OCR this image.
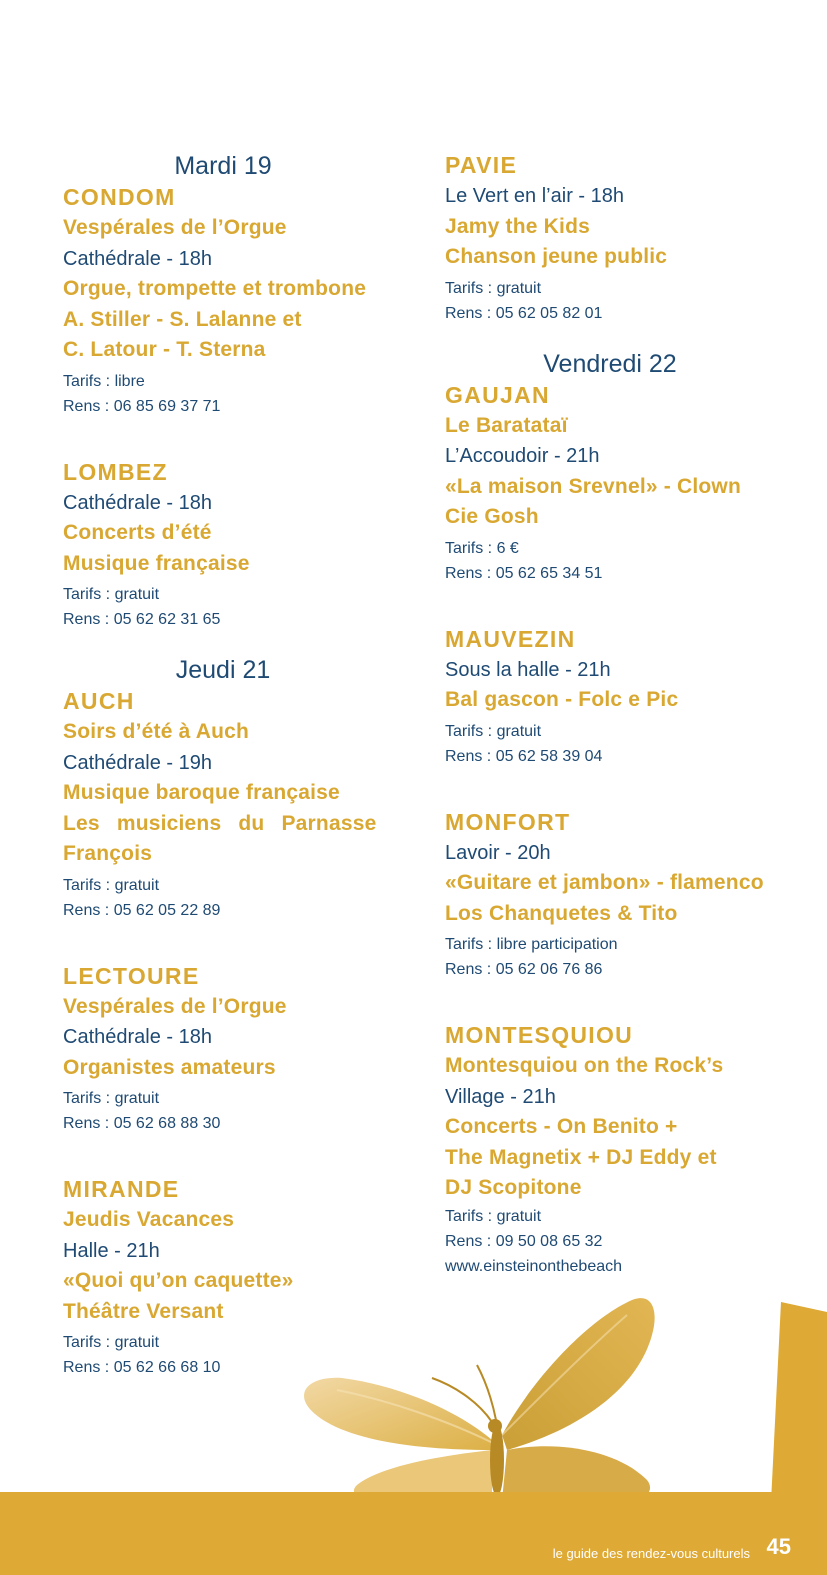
Mardi 19

CONDOM
Vespérales de l’Orgue
Cathédrale - 18h
Orgue, trompette et trombone
A. Stiller - S. Lalanne et
C. Latour - T. Sterna
Tarifs : libre
Rens : 06 85 69 37 71
LOMBEZ
Cathédrale - 18h
Concerts d’été
Musique française
Tarifs : gratuit
Rens : 05 62 62 31 65

Jeudi 21

AUCH
Soirs d’été à Auch
Cathédrale - 19h
Musique baroque française
Les musiciens du Parnasse
François
Tarifs : gratuit
Rens : 05 62 05 22 89
LECTOURE
Vespérales de l’Orgue
Cathédrale - 18h
Organistes amateurs
Tarifs : gratuit
Rens : 05 62 68 88 30
MIRANDE
Jeudis Vacances
Halle - 21h
«Quoi qu’on caquette»
Théâtre Versant
Tarifs : gratuit
Rens : 05 62 66 68 10
PAVIE
Le Vert en l’air - 18h
Jamy the Kids
Chanson jeune public
Tarifs : gratuit
Rens : 05 62 05 82 01

Vendredi 22

GAUJAN
Le Baratataï
L’Accoudoir - 21h
«La maison Srevnel» - Clown
Cie Gosh
Tarifs : 6 €
Rens : 05 62 65 34 51
MAUVEZIN
Sous la halle - 21h
Bal gascon - Folc e Pic
Tarifs : gratuit
Rens : 05 62 58 39 04
MONFORT
Lavoir - 20h
«Guitare et jambon» - flamenco
Los Chanquetes & Tito
Tarifs : libre participation
Rens : 05 62 06 76 86
MONTESQUIOU
Montesquiou on the Rock’s
Village - 21h
Concerts - On Benito +
The Magnetix + DJ Eddy et
DJ Scopitone
Tarifs : gratuit
Rens : 09 50 08 65 32
www.einsteinonthebeach
le guide des rendez-vous culturels 45
